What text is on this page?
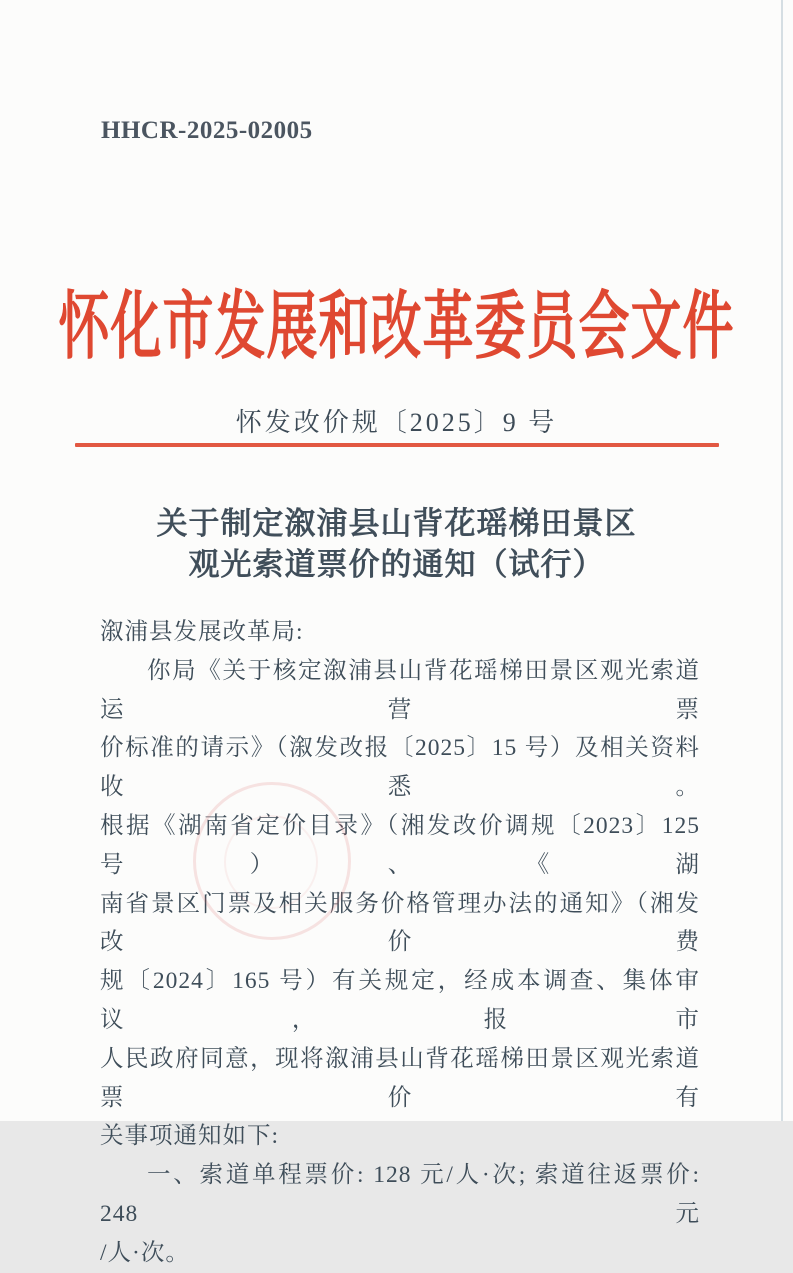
HHCR-2025-02005
怀化市发展和改革委员会文件
怀发改价规〔2025〕9 号
关于制定溆浦县山背花瑶梯田景区
观光索道票价的通知（试行）
溆浦县发展改革局:
你局《关于核定溆浦县山背花瑶梯田景区观光索道运营票
价标准的请示》（溆发改报〔2025〕15 号）及相关资料收悉。
根据《湖南省定价目录》（湘发改价调规〔2023〕125 号）、《湖
南省景区门票及相关服务价格管理办法的通知》（湘发改价费
规〔2024〕165 号）有关规定，经成本调查、集体审议，报市
人民政府同意，现将溆浦县山背花瑶梯田景区观光索道票价有
关事项通知如下:
一、索道单程票价: 128 元/人·次; 索道往返票价: 248 元
/人·次。
